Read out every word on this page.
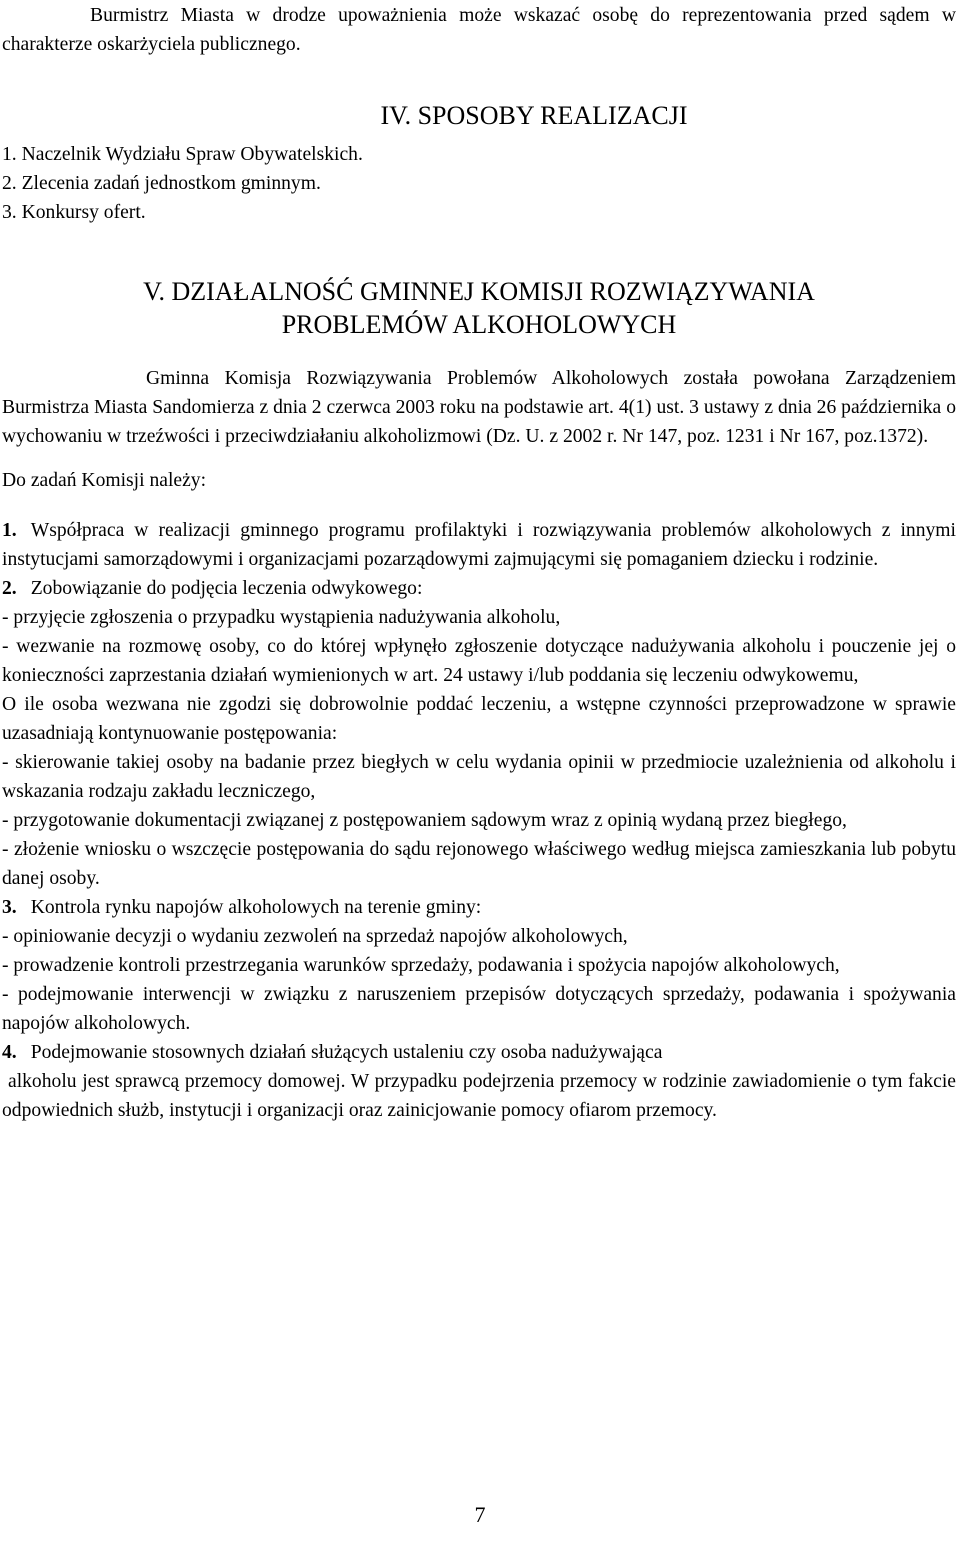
Burmistrz Miasta w drodze upoważnienia może wskazać osobę do reprezentowania przed sądem w charakterze oskarżyciela publicznego.

IV. SPOSOBY REALIZACJI

1. Naczelnik Wydziału Spraw Obywatelskich.

2. Zlecenia zadań jednostkom gminnym.

3. Konkursy ofert.

V. DZIAŁALNOŚĆ GMINNEJ KOMISJI ROZWIĄZYWANIA
PROBLEMÓW ALKOHOLOWYCH

Gminna Komisja Rozwiązywania Problemów Alkoholowych została powołana Zarządzeniem Burmistrza Miasta Sandomierza z dnia 2 czerwca 2003 roku na podstawie art. 4(1) ust. 3 ustawy z dnia 26 października o wychowaniu w trzeźwości i przeciwdziałaniu alkoholizmowi (Dz. U. z 2002 r. Nr 147, poz. 1231 i Nr 167, poz.1372).

Do zadań Komisji należy:

1. Współpraca w realizacji gminnego programu profilaktyki i rozwiązywania problemów alkoholowych z innymi instytucjami samorządowymi i organizacjami pozarządowymi zajmującymi się pomaganiem dziecku i rodzinie.

2. Zobowiązanie do podjęcia leczenia odwykowego:

- przyjęcie zgłoszenia o przypadku wystąpienia nadużywania alkoholu,

- wezwanie na rozmowę osoby, co do której wpłynęło zgłoszenie dotyczące nadużywania alkoholu i pouczenie jej o konieczności zaprzestania działań wymienionych w art. 24 ustawy i/lub poddania się leczeniu odwykowemu,

O ile osoba wezwana nie zgodzi się dobrowolnie poddać leczeniu, a wstępne czynności przeprowadzone w sprawie uzasadniają kontynuowanie postępowania:

- skierowanie takiej osoby na badanie przez biegłych w celu wydania opinii w przedmiocie uzależnienia od alkoholu i wskazania rodzaju zakładu leczniczego,

- przygotowanie dokumentacji związanej z postępowaniem sądowym wraz z opinią wydaną przez biegłego,

- złożenie wniosku o wszczęcie postępowania do sądu rejonowego właściwego według miejsca zamieszkania lub pobytu danej osoby.

3. Kontrola rynku napojów alkoholowych na terenie gminy:

- opiniowanie decyzji o wydaniu zezwoleń na sprzedaż napojów alkoholowych,

- prowadzenie kontroli przestrzegania warunków sprzedaży, podawania i spożycia napojów alkoholowych,

- podejmowanie interwencji w związku z naruszeniem przepisów dotyczących sprzedaży, podawania i spożywania napojów alkoholowych.

4. Podejmowanie stosownych działań służących ustaleniu czy osoba nadużywająca

alkoholu jest sprawcą przemocy domowej. W przypadku podejrzenia przemocy w rodzinie zawiadomienie o tym fakcie odpowiednich służb, instytucji i organizacji oraz zainicjowanie pomocy ofiarom przemocy.

7
